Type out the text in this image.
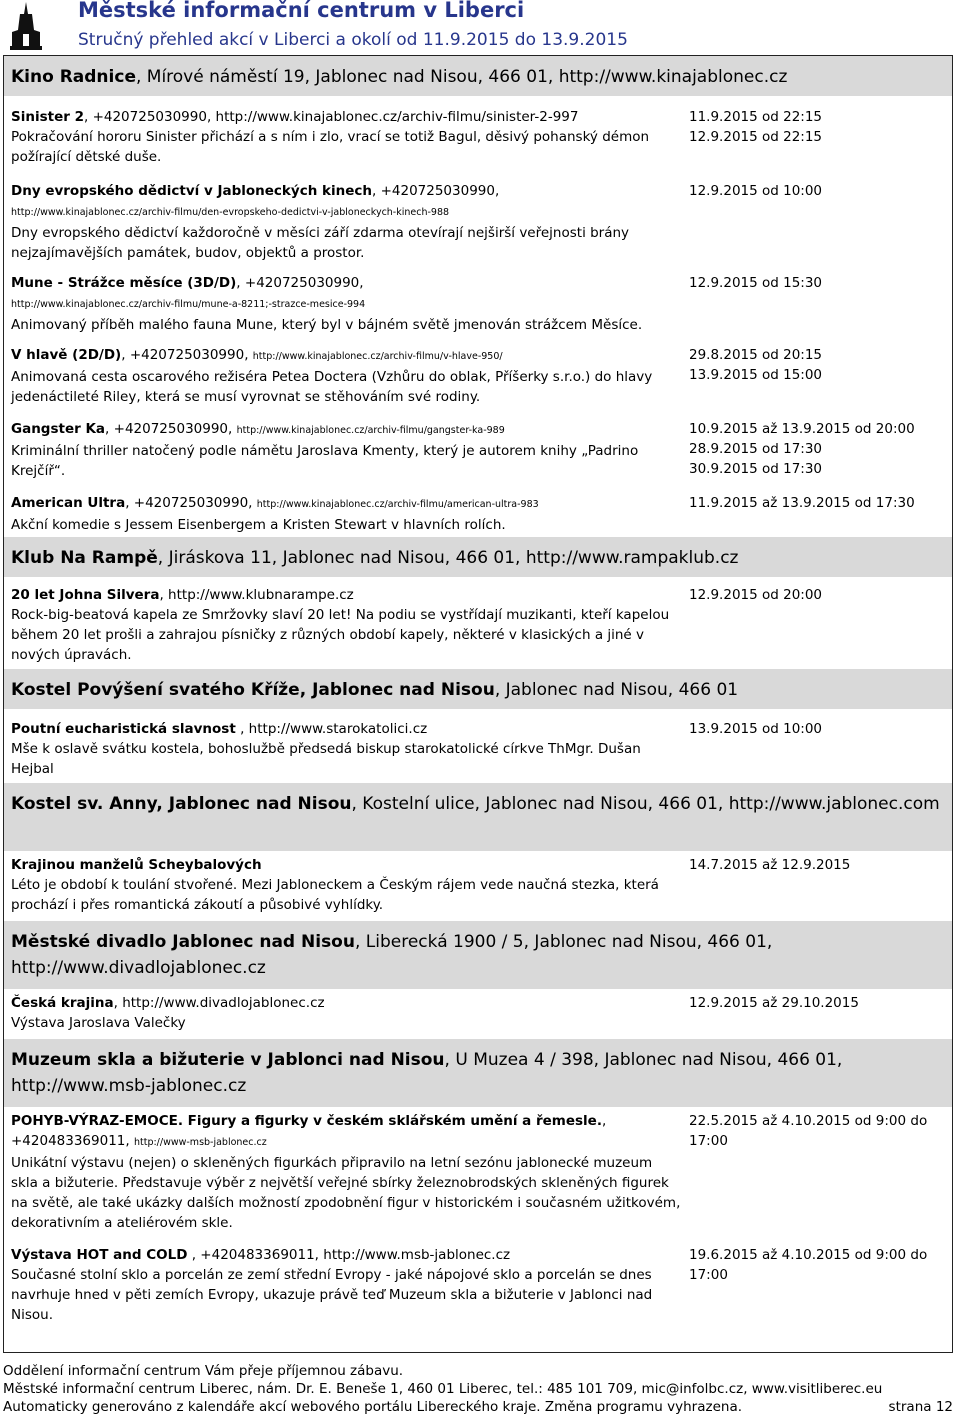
Městské informační centrum v Liberci
Stručný přehled akcí v Liberci a okolí od 11.9.2015 do 13.9.2015
Kino Radnice, Mírové náměstí 19, Jablonec nad Nisou, 466 01, http://www.kinajablonec.cz
Sinister 2, +420725030990, http://www.kinajablonec.cz/archiv-filmu/sinister-2-997
Pokračování hororu Sinister přichází a s ním i zlo, vrací se totiž Bagul, děsivý pohanský démon požírající dětské duše.
11.9.2015 od 22:15
12.9.2015 od 22:15
Dny evropského dědictví v Jabloneckých kinech, +420725030990,
http://www.kinajablonec.cz/archiv-filmu/den-evropskeho-dedictvi-v-jabloneckych-kinech-988
Dny evropského dědictví každoročně v měsíci září zdarma otevírají nejširší veřejnosti brány nejzajímavějších památek, budov, objektů a prostor.
12.9.2015 od 10:00
Mune - Strážce měsíce (3D/D), +420725030990,
http://www.kinajablonec.cz/archiv-filmu/mune-a-8211;-strazce-mesice-994
Animovaný příběh malého fauna Mune, který byl v bájném světě jmenován strážcem Měsíce.
12.9.2015 od 15:30
V hlavě (2D/D), +420725030990, http://www.kinajablonec.cz/archiv-filmu/v-hlave-950/
Animovaná cesta oscarového režiséra Petea Doctera (Vzhůru do oblak, Příšerky s.r.o.) do hlavy jedenáctileté Riley, která se musí vyrovnat se stěhováním své rodiny.
29.8.2015 od 20:15
13.9.2015 od 15:00
Gangster Ka, +420725030990, http://www.kinajablonec.cz/archiv-filmu/gangster-ka-989
Kriminální thriller natočený podle námětu Jaroslava Kmenty, který je autorem knihy „Padrino Krejčíř“.
10.9.2015 až 13.9.2015 od 20:00
28.9.2015 od 17:30
30.9.2015 od 17:30
American Ultra, +420725030990, http://www.kinajablonec.cz/archiv-filmu/american-ultra-983
Akční komedie s Jessem Eisenbergem a Kristen Stewart v hlavních rolích.
11.9.2015 až 13.9.2015 od 17:30
Klub Na Rampě, Jiráskova 11, Jablonec nad Nisou, 466 01, http://www.rampaklub.cz
20 let Johna Silvera, http://www.klubnarampe.cz
Rock-big-beatová kapela ze Smržovky slaví 20 let! Na podiu se vystřídají muzikanti, kteří kapelou během 20 let prošli a zahrajou písničky z různých období kapely, některé v klasických a jiné v nových úpravách.
12.9.2015 od 20:00
Kostel Povýšení svatého Kříže, Jablonec nad Nisou, Jablonec nad Nisou, 466 01
Poutní eucharistická slavnost , http://www.starokatolici.cz
Mše k oslavě svátku kostela, bohoslužbě předsedá biskup starokatolické církve ThMgr. Dušan Hejbal
13.9.2015 od 10:00
Kostel sv. Anny, Jablonec nad Nisou, Kostelní ulice, Jablonec nad Nisou, 466 01, http://www.jablonec.com
Krajinou manželů Scheybalových
Léto je období k toulání stvořené. Mezi Jabloneckem a Českým rájem vede naučná stezka, která prochází i přes romantická zákoutí a působivé vyhlídky.
14.7.2015 až 12.9.2015
Městské divadlo Jablonec nad Nisou, Liberecká 1900 / 5, Jablonec nad Nisou, 466 01, http://www.divadlojablonec.cz
Česká krajina, http://www.divadlojablonec.cz
Výstava Jaroslava Valečky
12.9.2015 až 29.10.2015
Muzeum skla a bižuterie v Jablonci nad Nisou, U Muzea 4 / 398, Jablonec nad Nisou, 466 01, http://www.msb-jablonec.cz
POHYB-VÝRAZ-EMOCE. Figury a figurky v českém sklářském umění a řemesle., +420483369011, http://www-msb-jablonec.cz
Unikátní výstavu (nejen) o skleněných figurkách připravilo na letní sezónu jablonecké muzeum skla a bižuterie. Představuje výběr z největší veřejné sbírky železnobrodských skleněných figurek na světě, ale také ukázky dalších možností zpodobnění figur v historickém i současném užitkovém, dekorativním a ateliérovém skle.
22.5.2015 až 4.10.2015 od 9:00 do 17:00
Výstava HOT and COLD , +420483369011, http://www.msb-jablonec.cz
Současné stolní sklo a porcelán ze zemí střední Evropy - jaké nápojové sklo a porcelán se dnes navrhuje hned v pěti zemích Evropy, ukazuje právě teď Muzeum skla a bižuterie v Jablonci nad Nisou.
19.6.2015 až 4.10.2015 od 9:00 do 17:00
Oddělení informační centrum Vám přeje příjemnou zábavu.
Městské informační centrum Liberec, nám. Dr. E. Beneše 1, 460 01 Liberec, tel.: 485 101 709, mic@infolbc.cz, www.visitliberec.eu
Automaticky generováno z kalendáře akcí webového portálu Libereckého kraje. Změna programu vyhrazena.	strana 12
